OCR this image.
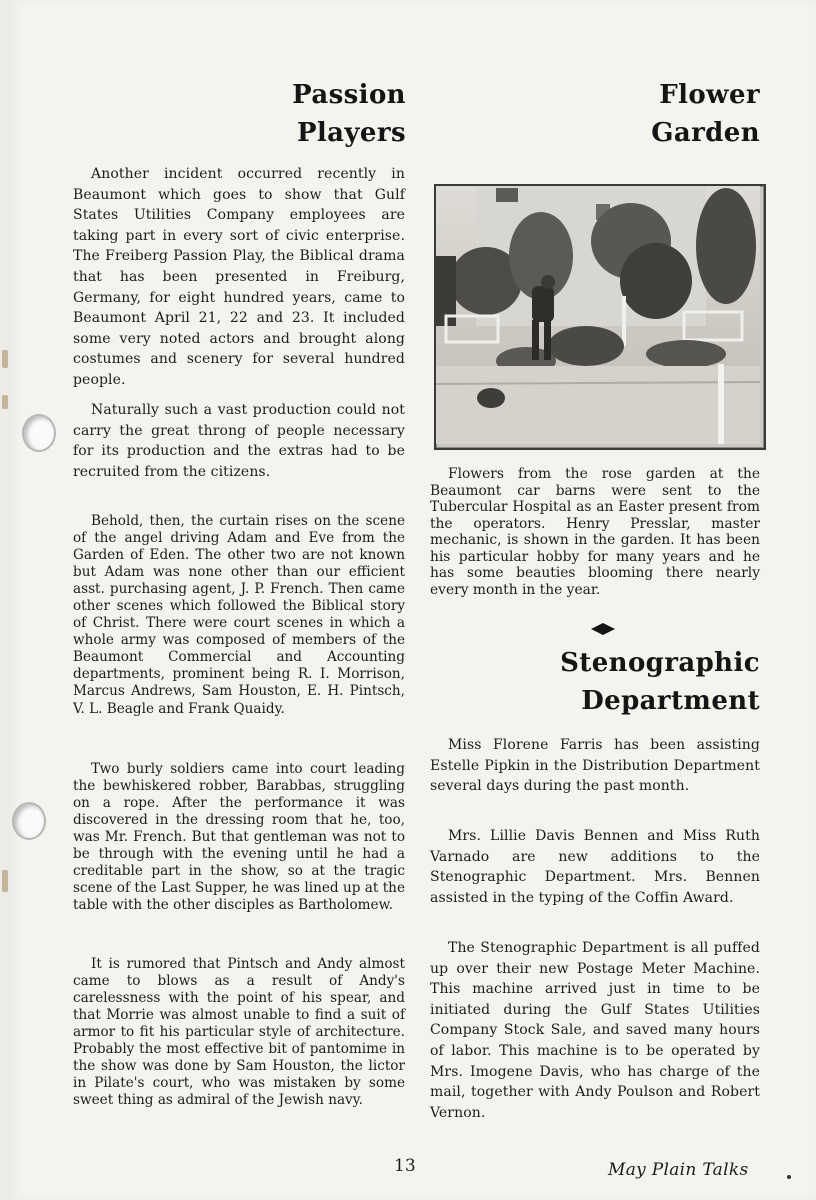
Passion
Players

Another incident occurred recently in Beaumont which goes to show that Gulf States Utilities Company employees are taking part in every sort of civic enterprise. The Freiberg Passion Play, the Biblical drama that has been presented in Freiburg, Germany, for eight hundred years, came to Beaumont April 21, 22 and 23. It included some very noted actors and brought along costumes and scenery for several hundred people.

Naturally such a vast production could not carry the great throng of people necessary for its production and the extras had to be recruited from the citizens.

Behold, then, the curtain rises on the scene of the angel driving Adam and Eve from the Garden of Eden. The other two are not known but Adam was none other than our efficient asst. purchasing agent, J. P. French. Then came other scenes which followed the Biblical story of Christ. There were court scenes in which a whole army was composed of members of the Beaumont Commercial and Accounting departments, prominent being R. I. Morrison, Marcus Andrews, Sam Houston, E. H. Pintsch, V. L. Beagle and Frank Quaidy.

Two burly soldiers came into court leading the bewhiskered robber, Barabbas, struggling on a rope. After the performance it was discovered in the dressing room that he, too, was Mr. French. But that gentleman was not to be through with the evening until he had a creditable part in the show, so at the tragic scene of the Last Supper, he was lined up at the table with the other disciples as Bartholomew.

It is rumored that Pintsch and Andy almost came to blows as a result of Andy's carelessness with the point of his spear, and that Morrie was almost unable to find a suit of armor to fit his particular style of architecture. Probably the most effective bit of pantomime in the show was done by Sam Houston, the lictor in Pilate's court, who was mistaken by some sweet thing as admiral of the Jewish navy.

Flower
Garden

Flowers from the rose garden at the Beaumont car barns were sent to the Tubercular Hospital as an Easter present from the operators. Henry Presslar, master mechanic, is shown in the garden. It has been his particular hobby for many years and he has some beauties blooming there nearly every month in the year.

Stenographic
Department

Miss Florene Farris has been assisting Estelle Pipkin in the Distribution Department several days during the past month.

Mrs. Lillie Davis Bennen and Miss Ruth Varnado are new additions to the Stenographic Department. Mrs. Bennen assisted in the typing of the Coffin Award.

The Stenographic Department is all puffed up over their new Postage Meter Machine. This machine arrived just in time to be initiated during the Gulf States Utilities Company Stock Sale, and saved many hours of labor. This machine is to be operated by Mrs. Imogene Davis, who has charge of the mail, together with Andy Poulson and Robert Vernon.

13	May Plain Talks
